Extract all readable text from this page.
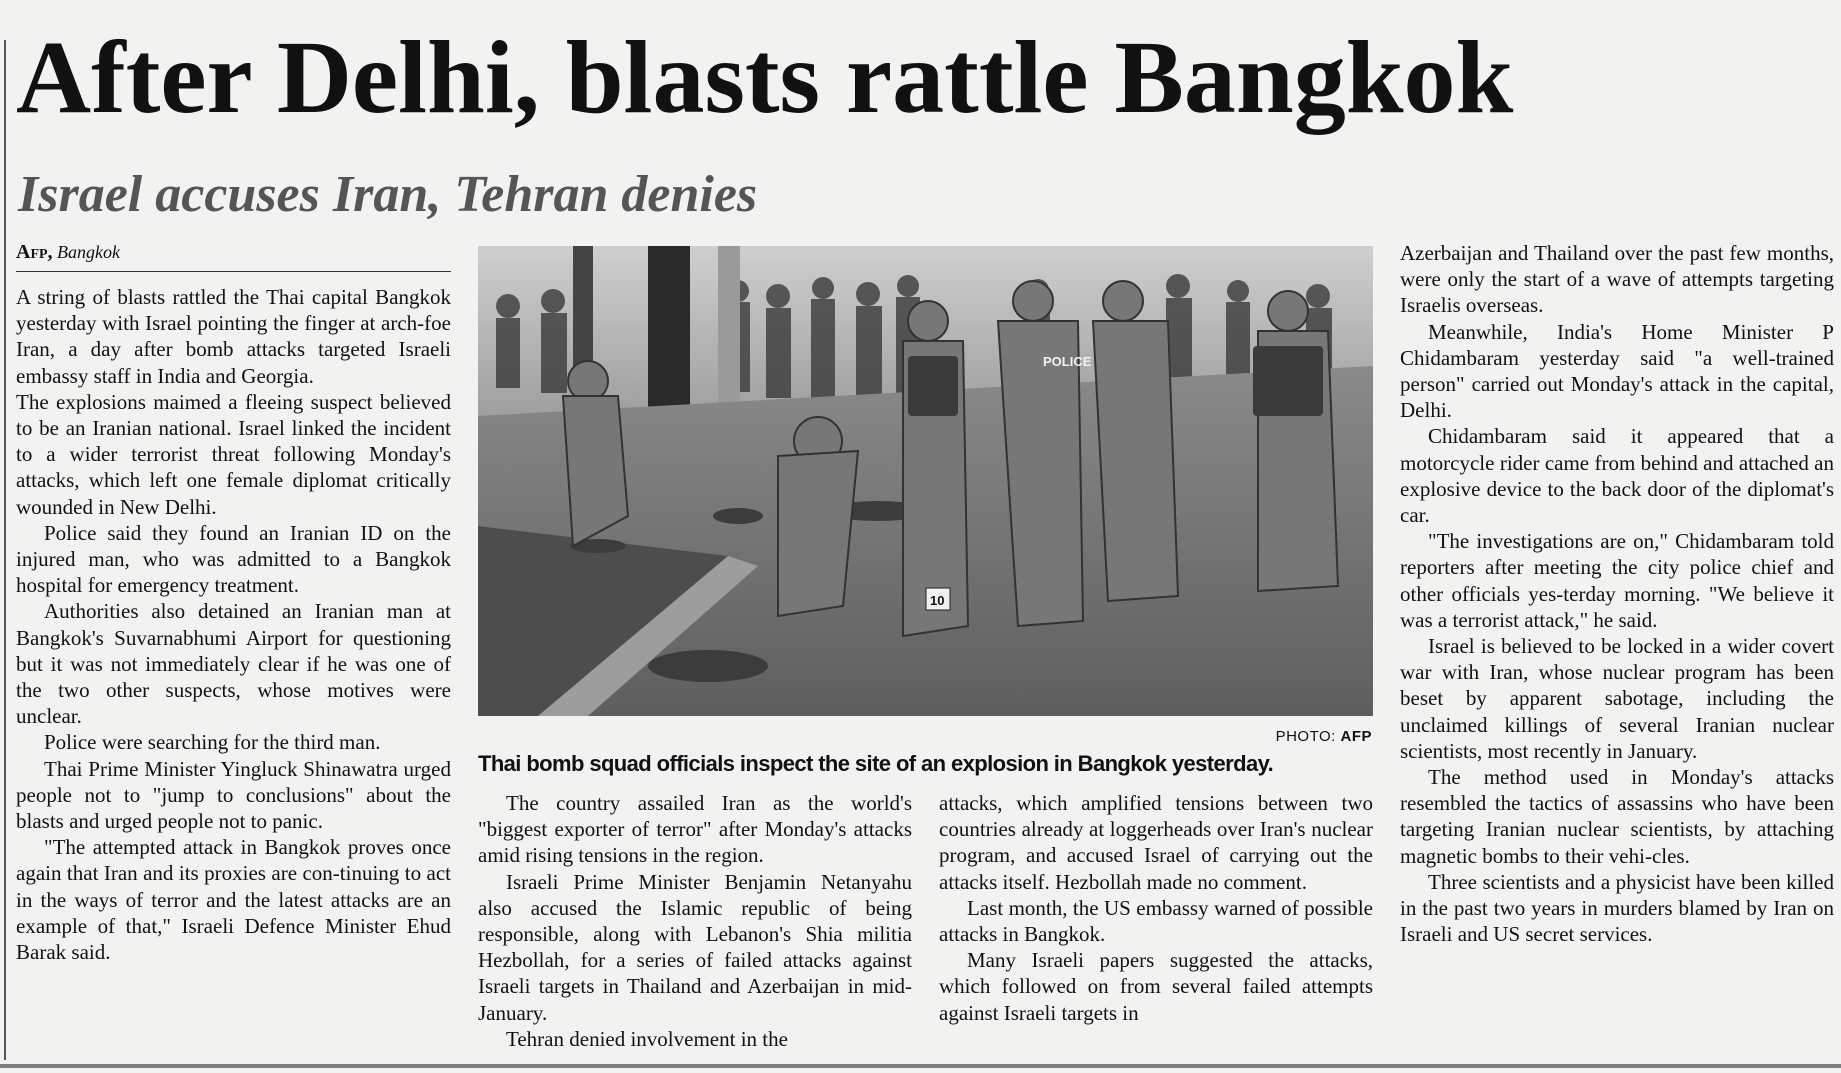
After Delhi, blasts rattle Bangkok
Israel accuses Iran, Tehran denies
Afp, Bangkok

A string of blasts rattled the Thai capital Bangkok yesterday with Israel pointing the finger at arch-foe Iran, a day after bomb attacks targeted Israeli embassy staff in India and Georgia.

The explosions maimed a fleeing suspect believed to be an Iranian national. Israel linked the incident to a wider terrorist threat following Monday's attacks, which left one female diplomat critically wounded in New Delhi.

Police said they found an Iranian ID on the injured man, who was admitted to a Bangkok hospital for emergency treatment.

Authorities also detained an Iranian man at Bangkok's Suvarnabhumi Airport for questioning but it was not immediately clear if he was one of the two other suspects, whose motives were unclear.

Police were searching for the third man.

Thai Prime Minister Yingluck Shinawatra urged people not to "jump to conclusions" about the blasts and urged people not to panic.

"The attempted attack in Bangkok proves once again that Iran and its proxies are con-tinuing to act in the ways of terror and the latest attacks are an example of that," Israeli Defence Minister Ehud Barak said.

POLICE
10
PHOTO: AFP
Thai bomb squad officials inspect the site of an explosion in Bangkok yesterday.

The country assailed Iran as the world's "biggest exporter of terror" after Monday's attacks amid rising tensions in the region.

Israeli Prime Minister Benjamin Netanyahu also accused the Islamic republic of being responsible, along with Lebanon's Shia militia Hezbollah, for a series of failed attacks against Israeli targets in Thailand and Azerbaijan in mid-January.

Tehran denied involvement in the

attacks, which amplified tensions between two countries already at loggerheads over Iran's nuclear program, and accused Israel of carrying out the attacks itself. Hezbollah made no comment.

Last month, the US embassy warned of possible attacks in Bangkok.

Many Israeli papers suggested the attacks, which followed on from several failed attempts against Israeli targets in

Azerbaijan and Thailand over the past few months, were only the start of a wave of attempts targeting Israelis overseas.

Meanwhile, India's Home Minister P Chidambaram yesterday said "a well-trained person" carried out Monday's attack in the capital, Delhi.

Chidambaram said it appeared that a motorcycle rider came from behind and attached an explosive device to the back door of the diplomat's car.

"The investigations are on," Chidambaram told reporters after meeting the city police chief and other officials yes-terday morning. "We believe it was a terrorist attack," he said.

Israel is believed to be locked in a wider covert war with Iran, whose nuclear program has been beset by apparent sabotage, including the unclaimed killings of several Iranian nuclear scientists, most recently in January.

The method used in Monday's attacks resembled the tactics of assassins who have been targeting Iranian nuclear scientists, by attaching magnetic bombs to their vehi-cles.

Three scientists and a physicist have been killed in the past two years in murders blamed by Iran on Israeli and US secret services.
